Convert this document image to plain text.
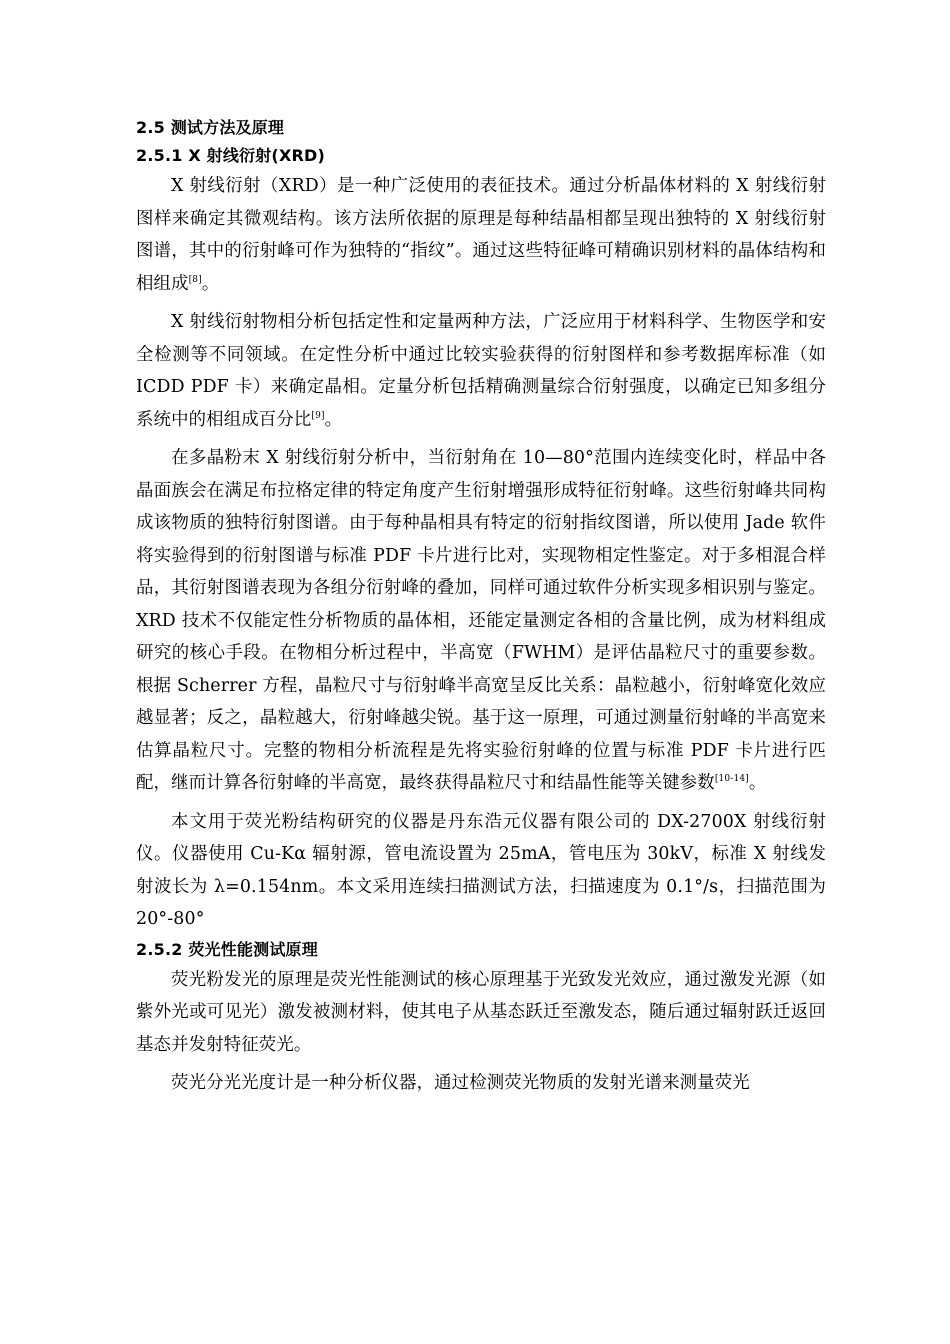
2.5 测试方法及原理
2.5.1 X 射线衍射(XRD)

X 射线衍射（XRD）是一种广泛使用的表征技术。通过分析晶体材料的 X 射线衍射图样来确定其微观结构。该方法所依据的原理是每种结晶相都呈现出独特的 X 射线衍射图谱，其中的衍射峰可作为独特的“指纹”。通过这些特征峰可精确识别材料的晶体结构和相组成[8]。

X 射线衍射物相分析包括定性和定量两种方法，广泛应用于材料科学、生物医学和安全检测等不同领域。在定性分析中通过比较实验获得的衍射图样和参考数据库标准（如 ICDD PDF 卡）来确定晶相。定量分析包括精确测量综合衍射强度，以确定已知多组分系统中的相组成百分比[9]。

在多晶粉末 X 射线衍射分析中，当衍射角在 10—80°范围内连续变化时，样品中各晶面族会在满足布拉格定律的特定角度产生衍射增强形成特征衍射峰。这些衍射峰共同构成该物质的独特衍射图谱。由于每种晶相具有特定的衍射指纹图谱，所以使用 Jade 软件将实验得到的衍射图谱与标准 PDF 卡片进行比对，实现物相定性鉴定。对于多相混合样品，其衍射图谱表现为各组分衍射峰的叠加，同样可通过软件分析实现多相识别与鉴定。XRD 技术不仅能定性分析物质的晶体相，还能定量测定各相的含量比例，成为材料组成研究的核心手段。在物相分析过程中，半高宽（FWHM）是评估晶粒尺寸的重要参数。根据 Scherrer 方程，晶粒尺寸与衍射峰半高宽呈反比关系：晶粒越小，衍射峰宽化效应越显著；反之，晶粒越大，衍射峰越尖锐。基于这一原理，可通过测量衍射峰的半高宽来估算晶粒尺寸。完整的物相分析流程是先将实验衍射峰的位置与标准 PDF 卡片进行匹配，继而计算各衍射峰的半高宽，最终获得晶粒尺寸和结晶性能等关键参数[10-14]。

本文用于荧光粉结构研究的仪器是丹东浩元仪器有限公司的 DX-2700X 射线衍射仪。仪器使用 Cu-Kα 辐射源，管电流设置为 25mA，管电压为 30kV，标准 X 射线发射波长为 λ=0.154nm。本文采用连续扫描测试方法，扫描速度为 0.1°/s，扫描范围为 20°-80°

2.5.2 荧光性能测试原理

荧光粉发光的原理是荧光性能测试的核心原理基于光致发光效应，通过激发光源（如紫外光或可见光）激发被测材料，使其电子从基态跃迁至激发态，随后通过辐射跃迁返回基态并发射特征荧光。

荧光分光光度计是一种分析仪器，通过检测荧光物质的发射光谱来测量荧光
